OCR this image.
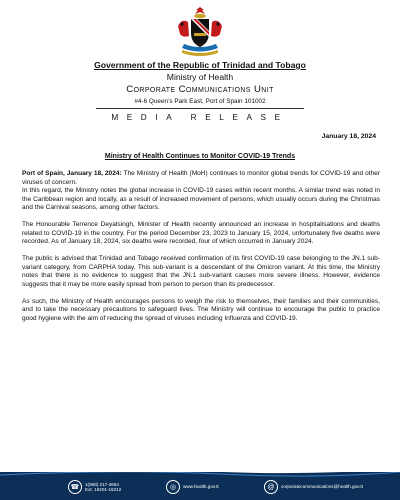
Government of the Republic of Trinidad and Tobago
Ministry of Health
Corporate Communications Unit
#4-6 Queen’s Park East, Port of Spain 101002
MEDIA RELEASE
January 18, 2024
Ministry of Health Continues to Monitor COVID-19 Trends

Port of Spain, January 18, 2024: The Ministry of Health (MoH) continues to monitor global trends for COVID-19 and other viruses of concern.

In this regard, the Ministry notes the global increase in COVID-19 cases within recent months. A similar trend was noted in the Caribbean region and locally, as a result of increased movement of persons, which usually occurs during the Christmas and the Carnival seasons, among other factors.

The Honourable Terrence Deyalsingh, Minister of Health recently announced an increase in hospitalisations and deaths related to COVID-19 in the country. For the period December 23, 2023 to January 15, 2024, unfortunately five deaths were recorded. As of January 18, 2024, six deaths were recorded, four of which occurred in January 2024.

The public is advised that Trinidad and Tobago received confirmation of its first COVID-19 case belonging to the JN.1 sub-variant category, from CARPHA today. This sub-variant is a descendant of the Omicron variant. At this time, the Ministry notes that there is no evidence to suggest that the JN.1 sub-variant causes more severe illness. However, evidence suggests that it may be more easily spread from person to person than its predecessor.

As such, the Ministry of Health encourages persons to weigh the risk to themselves, their families and their communities, and to take the necessary precautions to safeguard lives. The Ministry will continue to encourage the public to practice good hygiene with the aim of reducing the spread of viruses including Influenza and COVID-19.

☎	1(868) 217-4664
Ext. 16201-16212	◎	www.health.gov.tt	@	corporatecommunications@health.gov.tt
